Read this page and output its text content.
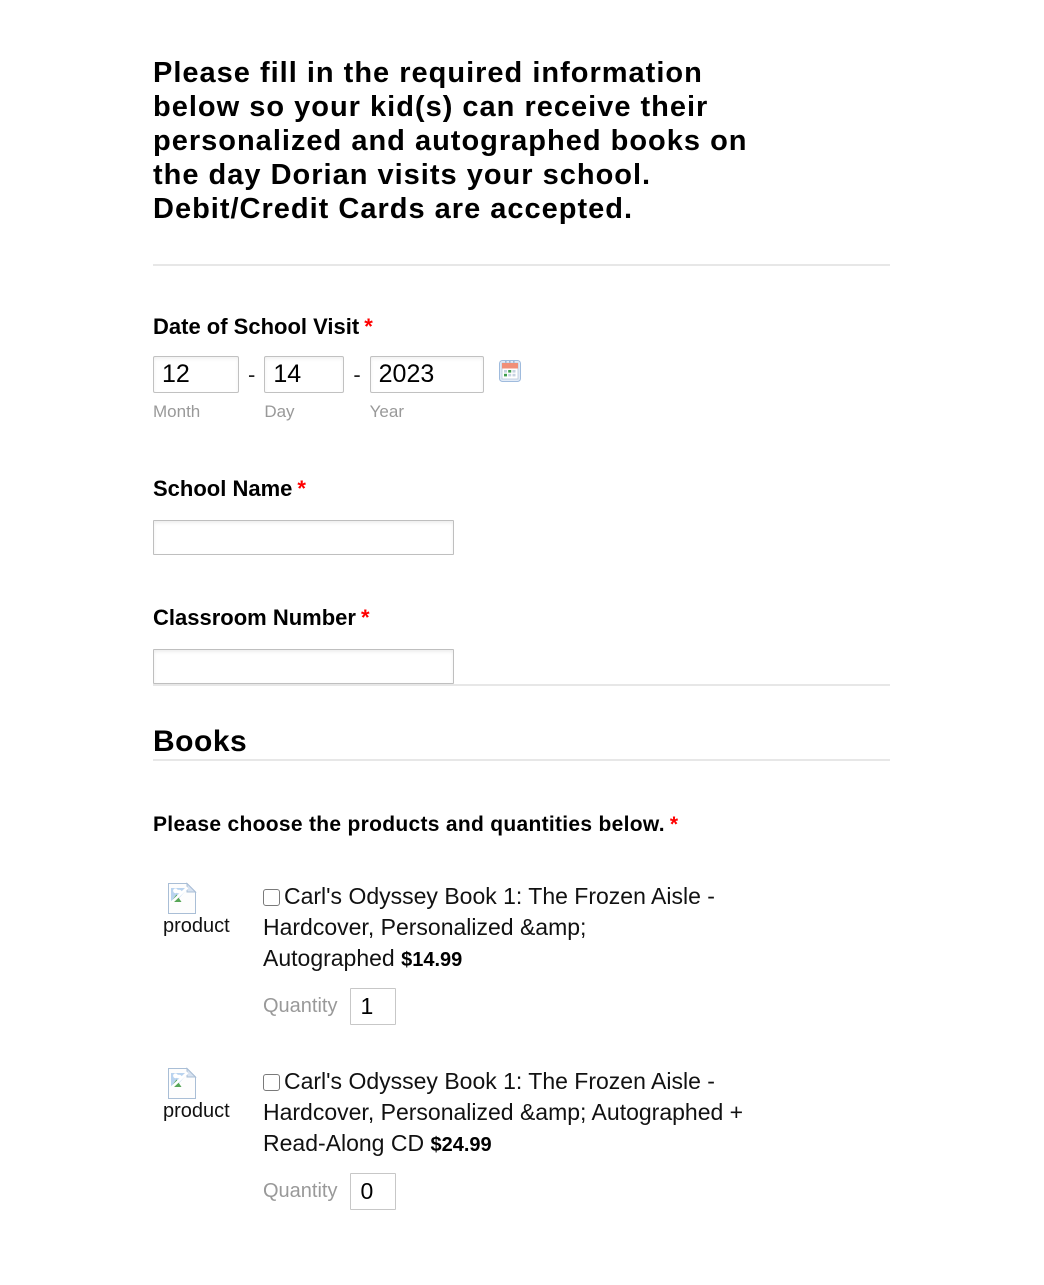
Please fill in the required information below so your kid(s) can receive their personalized and autographed books on the day Dorian visits your school. Debit/Credit Cards are accepted.
Date of School Visit *
12
Month
-
14
Day
-
2023
Year
School Name *
Classroom Number *
Books
Please choose the products and quantities below. *
product
Carl's Odyssey Book 1: The Frozen Aisle - Hardcover, Personalized &amp; Autographed $14.99
Quantity
1
product
Carl's Odyssey Book 1: The Frozen Aisle - Hardcover, Personalized &amp; Autographed + Read-Along CD $24.99
Quantity
0
